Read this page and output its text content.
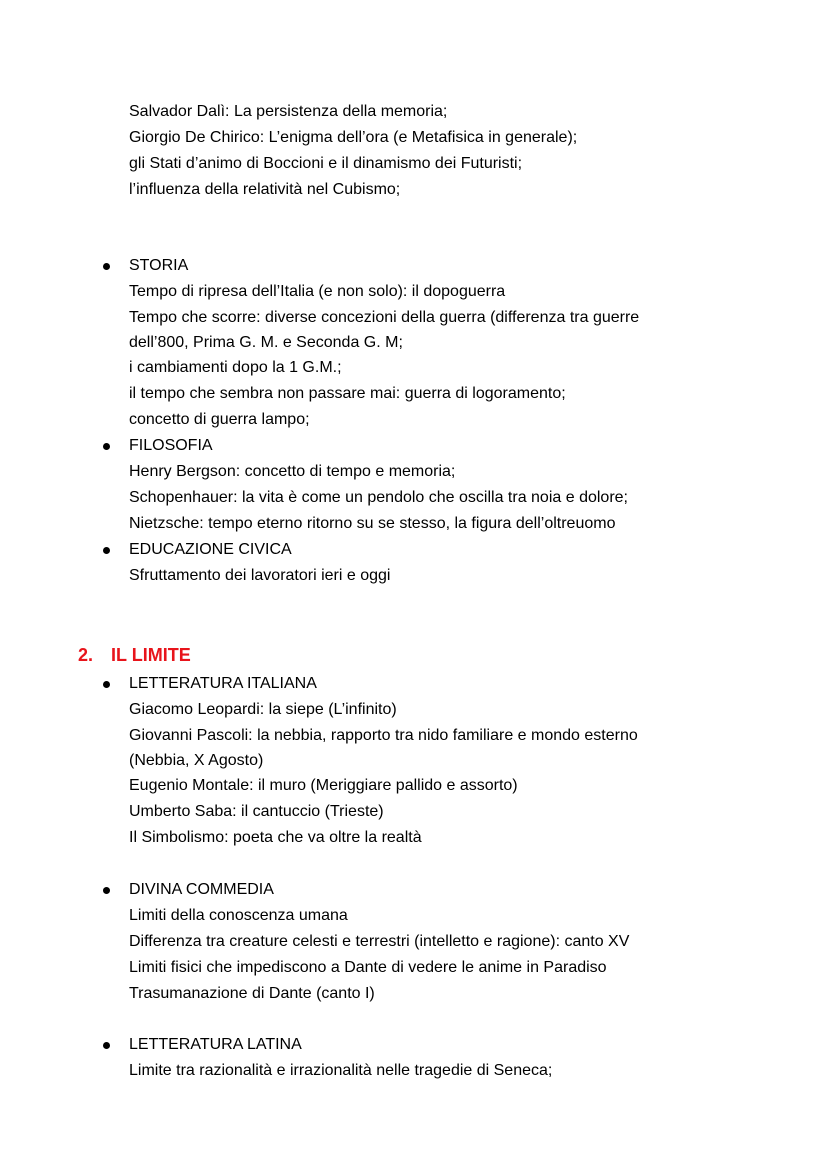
Salvador Dalì: La persistenza della memoria;
Giorgio De Chirico: L’enigma dell’ora (e Metafisica in generale);
gli Stati d’animo di Boccioni e il dinamismo dei Futuristi;
l’influenza della relatività nel Cubismo;
STORIA
Tempo di ripresa dell’Italia (e non solo): il dopoguerra
Tempo che scorre: diverse concezioni della guerra (differenza tra guerre
dell’800, Prima G. M. e Seconda G. M;
i cambiamenti dopo la 1 G.M.;
il tempo che sembra non passare mai: guerra di logoramento;
concetto di guerra lampo;
FILOSOFIA
Henry Bergson: concetto di tempo e memoria;
Schopenhauer: la vita è come un pendolo che oscilla tra noia e dolore;
Nietzsche: tempo eterno ritorno su se stesso, la figura dell’oltreuomo
EDUCAZIONE CIVICA
Sfruttamento dei lavoratori ieri e oggi
2. IL LIMITE
LETTERATURA ITALIANA
Giacomo Leopardi: la siepe (L’infinito)
Giovanni Pascoli: la nebbia, rapporto tra nido familiare e mondo esterno
(Nebbia, X Agosto)
Eugenio Montale: il muro (Meriggiare pallido e assorto)
Umberto Saba: il cantuccio (Trieste)
Il Simbolismo: poeta che va oltre la realtà
DIVINA COMMEDIA
Limiti della conoscenza umana
Differenza tra creature celesti e terrestri (intelletto e ragione): canto XV
Limiti fisici che impediscono a Dante di vedere le anime in Paradiso
Trasumanazione di Dante (canto I)
LETTERATURA LATINA
Limite tra razionalità e irrazionalità nelle tragedie di Seneca;
